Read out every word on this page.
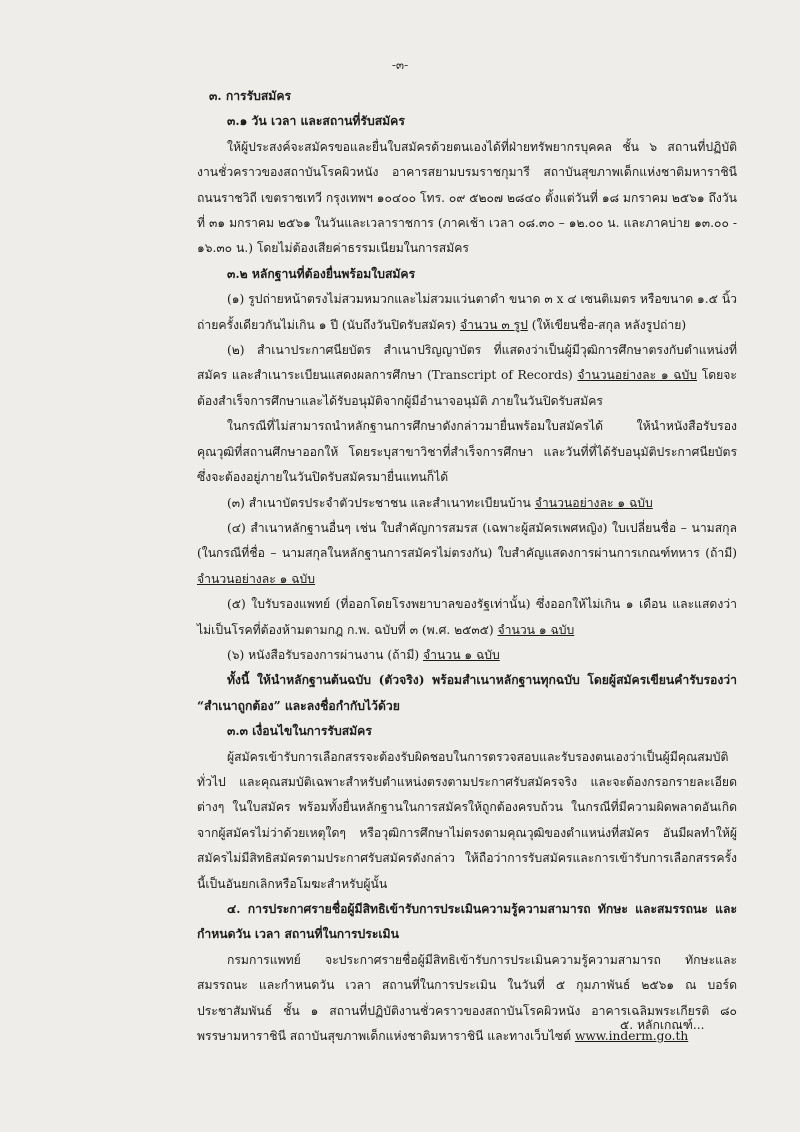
-๓-

๓. การรับสมัคร

๓.๑ วัน เวลา และสถานที่รับสมัคร

ให้ผู้ประสงค์จะสมัครขอและยื่นใบสมัครด้วยตนเองได้ที่ฝ่ายทรัพยากรบุคคล ชั้น ๖ สถานที่ปฏิบัติงานชั่วคราวของสถาบันโรคผิวหนัง อาคารสยามบรมราชกุมารี สถาบันสุขภาพเด็กแห่งชาติมหาราชินี ถนนราชวิถี เขตราชเทวี กรุงเทพฯ ๑๐๔๐๐ โทร. ๐๙ ๕๒๐๗ ๒๘๔๐ ตั้งแต่วันที่ ๑๘ มกราคม ๒๕๖๑ ถึงวันที่ ๓๑ มกราคม ๒๕๖๑ ในวันและเวลาราชการ (ภาคเช้า เวลา ๐๘.๓๐ – ๑๒.๐๐ น. และภาคบ่าย ๑๓.๐๐ - ๑๖.๓๐ น.) โดยไม่ต้องเสียค่าธรรมเนียมในการสมัคร

๓.๒ หลักฐานที่ต้องยื่นพร้อมใบสมัคร

(๑) รูปถ่ายหน้าตรงไม่สวมหมวกและไม่สวมแว่นตาดำ ขนาด ๓ x ๔ เซนติเมตร หรือขนาด ๑.๕ นิ้ว ถ่ายครั้งเดียวกันไม่เกิน ๑ ปี (นับถึงวันปิดรับสมัคร) จำนวน ๓ รูป (ให้เขียนชื่อ-สกุล หลังรูปถ่าย)

(๒) สำเนาประกาศนียบัตร สำเนาปริญญาบัตร ที่แสดงว่าเป็นผู้มีวุฒิการศึกษาตรงกับตำแหน่งที่สมัคร และสำเนาระเบียนแสดงผลการศึกษา (Transcript of Records) จำนวนอย่างละ ๑ ฉบับ โดยจะต้องสำเร็จการศึกษาและได้รับอนุมัติจากผู้มีอำนาจอนุมัติ ภายในวันปิดรับสมัคร

ในกรณีที่ไม่สามารถนำหลักฐานการศึกษาดังกล่าวมายื่นพร้อมใบสมัครได้ ให้นำหนังสือรับรองคุณวุฒิที่สถานศึกษาออกให้ โดยระบุสาขาวิชาที่สำเร็จการศึกษา และวันที่ที่ได้รับอนุมัติประกาศนียบัตร ซึ่งจะต้องอยู่ภายในวันปิดรับสมัครมายื่นแทนก็ได้

(๓) สำเนาบัตรประจำตัวประชาชน และสำเนาทะเบียนบ้าน จำนวนอย่างละ ๑ ฉบับ

(๔) สำเนาหลักฐานอื่นๆ เช่น ใบสำคัญการสมรส (เฉพาะผู้สมัครเพศหญิง) ใบเปลี่ยนชื่อ – นามสกุล (ในกรณีที่ชื่อ – นามสกุลในหลักฐานการสมัครไม่ตรงกัน) ใบสำคัญแสดงการผ่านการเกณฑ์ทหาร (ถ้ามี) จำนวนอย่างละ ๑ ฉบับ

(๕) ใบรับรองแพทย์ (ที่ออกโดยโรงพยาบาลของรัฐเท่านั้น) ซึ่งออกให้ไม่เกิน ๑ เดือน และแสดงว่าไม่เป็นโรคที่ต้องห้ามตามกฎ ก.พ. ฉบับที่ ๓ (พ.ศ. ๒๕๓๕) จำนวน ๑ ฉบับ

(๖) หนังสือรับรองการผ่านงาน (ถ้ามี) จำนวน ๑ ฉบับ

ทั้งนี้ ให้นำหลักฐานต้นฉบับ (ตัวจริง) พร้อมสำเนาหลักฐานทุกฉบับ โดยผู้สมัครเขียนคำรับรองว่า “สำเนาถูกต้อง” และลงชื่อกำกับไว้ด้วย

๓.๓ เงื่อนไขในการรับสมัคร

ผู้สมัครเข้ารับการเลือกสรรจะต้องรับผิดชอบในการตรวจสอบและรับรองตนเองว่าเป็นผู้มีคุณสมบัติทั่วไป และคุณสมบัติเฉพาะสำหรับตำแหน่งตรงตามประกาศรับสมัครจริง และจะต้องกรอกรายละเอียดต่างๆ ในใบสมัคร พร้อมทั้งยื่นหลักฐานในการสมัครให้ถูกต้องครบถ้วน ในกรณีที่มีความผิดพลาดอันเกิดจากผู้สมัครไม่ว่าด้วยเหตุใดๆ หรือวุฒิการศึกษาไม่ตรงตามคุณวุฒิของตำแหน่งที่สมัคร อันมีผลทำให้ผู้สมัครไม่มีสิทธิสมัครตามประกาศรับสมัครดังกล่าว ให้ถือว่าการรับสมัครและการเข้ารับการเลือกสรรครั้งนี้เป็นอันยกเลิกหรือโมฆะสำหรับผู้นั้น

๔. การประกาศรายชื่อผู้มีสิทธิเข้ารับการประเมินความรู้ความสามารถ ทักษะ และสมรรถนะ และกำหนดวัน เวลา สถานที่ในการประเมิน

กรมการแพทย์ จะประกาศรายชื่อผู้มีสิทธิเข้ารับการประเมินความรู้ความสามารถ ทักษะและสมรรถนะ และกำหนดวัน เวลา สถานที่ในการประเมิน ในวันที่ ๕ กุมภาพันธ์ ๒๕๖๑ ณ บอร์ดประชาสัมพันธ์ ชั้น ๑ สถานที่ปฏิบัติงานชั่วคราวของสถาบันโรคผิวหนัง อาคารเฉลิมพระเกียรติ ๘๐ พรรษามหาราชินี สถาบันสุขภาพเด็กแห่งชาติมหาราชินี และทางเว็บไซต์ www.inderm.go.th

๕. หลักเกณฑ์...
